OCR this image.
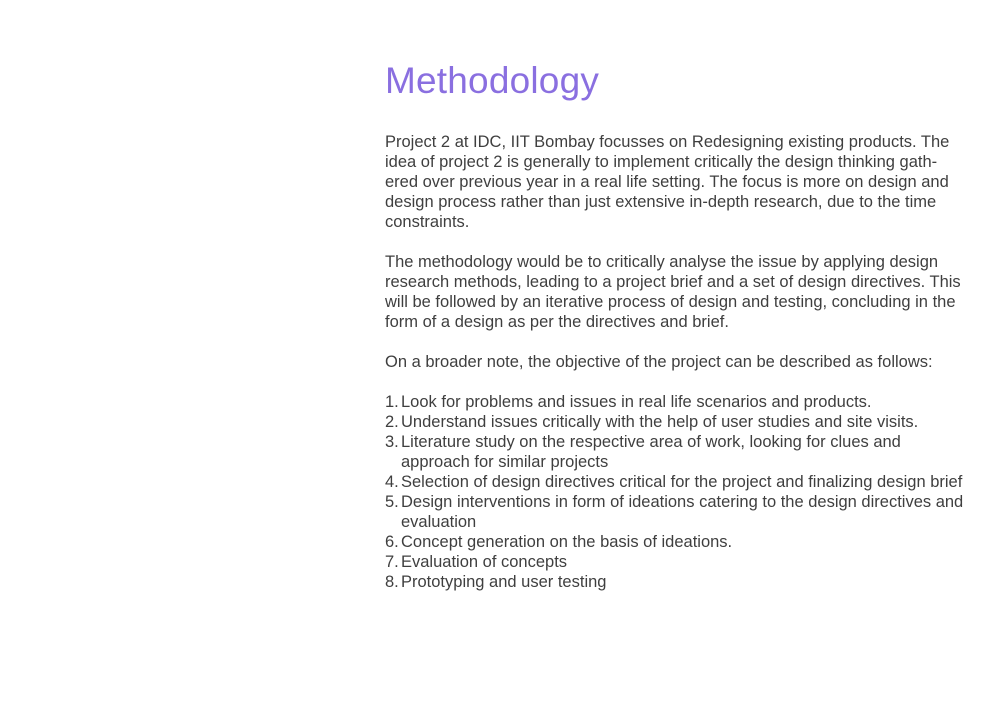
Methodology

Project 2 at IDC, IIT Bombay focusses on Redesigning existing products. The idea of project 2 is generally to implement critically the design thinking gath-ered over previous year in a real life setting. The focus is more on design and design process rather than just extensive in-depth research, due to the time constraints.

The methodology would be to critically analyse the issue by applying design research methods, leading to a project brief and a set of design directives. This will be followed by an iterative process of design and testing, concluding in the form of a design as per the directives and brief.

On a broader note, the objective of the project can be described as follows:

1. Look for problems and issues in real life scenarios and products.
2. Understand issues critically with the help of user studies and site visits.
3. Literature study on the respective area of work, looking for clues and approach for similar projects
4. Selection of design directives critical for the project and finalizing design brief
5. Design interventions in form of ideations catering to the design directives and evaluation
6. Concept generation on the basis of ideations.
7. Evaluation of concepts
8. Prototyping and user testing
